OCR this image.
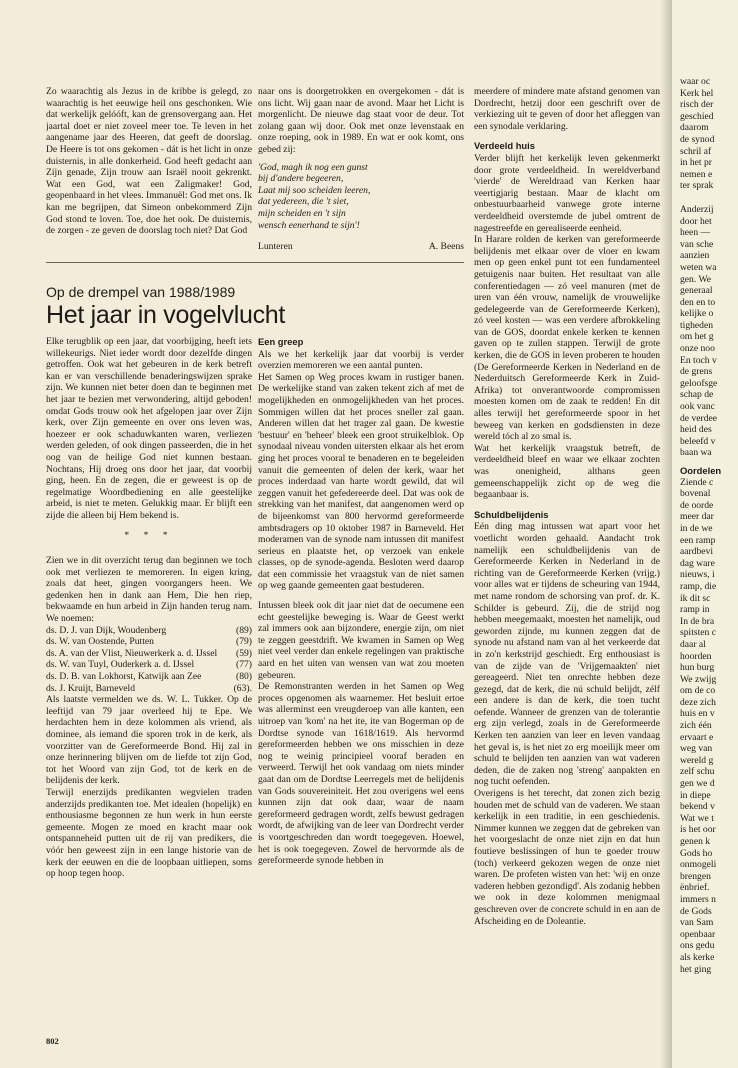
Zo waarachtig als Jezus in de kribbe is gelegd, zo waarachtig is het eeuwige heil ons geschonken. Wie dat werkelijk gelóóft, kan de grensovergang aan. Het jaartal doet er niet zoveel meer toe. Te leven in het aangename jaar des Heeren, dat geeft de doorslag. De Heere is tot ons gekomen - dát is het licht in onze duisternis, in alle donkerheid. God heeft gedacht aan Zijn genade, Zijn trouw aan Israël nooit gekrenkt. Wat een God, wat een Zaligmaker! God, geopenbaard in het vlees. Immanuël: God met ons. Ik kan me begrijpen, dat Simeon onbekommerd Zijn God stond te loven. Toe, doe het ook. De duisternis, de zorgen - ze geven de doorslag toch niet? Dat God

naar ons is doorgetrokken en overgekomen - dát is ons licht. Wij gaan naar de avond. Maar het Licht is morgenlicht. De nieuwe dag staat voor de deur. Tot zolang gaan wij door. Ook met onze levenstaak en onze roeping, ook in 1989. En wat er ook komt, ons gebed zij:

'God, magh ik nog een gunst
bij d'andere begeeren,
Laat mij soo scheiden leeren,
dat yedereen, die 't siet,
mijn scheiden en 't sijn
wensch eenerhand te sijn'!
Lunteren	A. Beens
Op de drempel van 1988/1989
Het jaar in vogelvlucht

Elke terugblik op een jaar, dat voorbijging, heeft iets willekeurigs. Niet ieder wordt door dezelfde dingen getroffen. Ook wat het gebeuren in de kerk betreft kan er van verschillende benaderingswijzen sprake zijn. We kunnen niet beter doen dan te beginnen met het jaar te bezien met verwondering, altijd geboden! omdat Gods trouw ook het afgelopen jaar over Zijn kerk, over Zijn gemeente en over ons leven was, hoezeer er ook schaduwkanten waren, verliezen werden geleden, of ook dingen passeerden, die in het oog van de heilige God niet kunnen bestaan. Nochtans, Hij droeg ons door het jaar, dat voorbij ging, heen. En de zegen, die er geweest is op de regelmatige Woordbediening en alle geestelijke arbeid, is niet te meten. Gelukkig maar. Er blijft een zijde die alleen bij Hem bekend is.

* * *

Zien we in dit overzicht terug dan beginnen we toch ook met verliezen te memoreren. In eigen kring, zoals dat heet, gingen voorgangers heen. We gedenken hen in dank aan Hem, Die hen riep, bekwaamde en hun arbeid in Zijn handen terug nam. We noemen:

ds. D. J. van Dijk, Woudenberg	(89)
ds. W. van Oostende, Putten	(79)
ds. A. van der Vlist, Nieuwerkerk a. d. IJssel (59)
ds. W. van Tuyl, Ouderkerk a. d. IJssel	(77)
ds. D. B. van Lokhorst, Katwijk aan Zee	(80)
ds. J. Kruijt, Barneveld	(63).

Als laatste vermelden we ds. W. L. Tukker. Op de leeftijd van 79 jaar overleed hij te Epe. We herdachten hem in deze kolommen als vriend, als dominee, als iemand die sporen trok in de kerk, als voorzitter van de Gereformeerde Bond. Hij zal in onze herinnering blijven om de liefde tot zijn God, tot het Woord van zijn God, tot de kerk en de belijdenis der kerk.

Terwijl enerzijds predikanten wegvielen traden anderzijds predikanten toe. Met idealen (hopelijk) en enthousiasme begonnen ze hun werk in hun eerste gemeente. Mogen ze moed en kracht maar ook ontspanneheid putten uit de rij van predikers, die vóór hen geweest zijn in een lange historie van de kerk der eeuwen en die de loopbaan uitliepen, soms op hoop tegen hoop.

Een greep

Als we het kerkelijk jaar dat voorbij is verder overzien memoreren we een aantal punten.

Het Samen op Weg proces kwam in rustiger banen. De werkelijke stand van zaken tekent zich af met de mogelijkheden en onmogelijkheden van het proces. Sommigen willen dat het proces sneller zal gaan. Anderen willen dat het trager zal gaan. De kwestie 'bestuur' en 'beheer' bleek een groot struikelblok. Op synodaal niveau vonden uitersten elkaar als het erom ging het proces vooral te benaderen en te begeleiden vanuit die gemeenten of delen der kerk, waar het proces inderdaad van harte wordt gewild, dat wil zeggen vanuit het gefedereerde deel. Dat was ook de strekking van het manifest, dat aangenomen werd op de bijeenkomst van 800 hervormd gereformeerde ambtsdragers op 10 oktober 1987 in Barneveld. Het moderamen van de synode nam intussen dit manifest serieus en plaatste het, op verzoek van enkele classes, op de synode-agenda. Besloten werd daarop dat een commissie het vraagstuk van de niet samen op weg gaande gemeenten gaat bestuderen.

Intussen bleek ook dit jaar niet dat de oecumene een echt geestelijke beweging is. Waar de Geest werkt zal immers ook aan bijzondere, energie zijn, om niet te zeggen geestdrift. We kwamen in Samen op Weg niet veel verder dan enkele regelingen van praktische aard en het uiten van wensen van wat zou moeten gebeuren.

De Remonstranten werden in het Samen op Weg proces opgenomen als waarnemer. Het besluit ertoe was allerminst een vreugderoep van alle kanten, een uitroep van 'kom' na het ite, ite van Bogerman op de Dordtse synode van 1618/1619. Als hervormd gereformeerden hebben we ons misschien in deze nog te weinig principieel vooraf beraden en verweerd. Terwijl het ook vandaag om niets minder gaat dan om de Dordtse Leerregels met de belijdenis van Gods souvereiniteit. Het zou overigens wel eens kunnen zijn dat ook daar, waar de naam gereformeerd gedragen wordt, zelfs bewust gedragen wordt, de afwijking van de leer van Dordrecht verder is voortgeschreden dan wordt toegegeven. Hoewel, het is ook toegegeven. Zowel de hervormde als de gereformeerde synode hebben in

meerdere of mindere mate afstand genomen van Dordrecht, hetzij door een geschrift over de verkiezing uit te geven of door het afleggen van een synodale verklaring.

Verdeeld huis

Verder blijft het kerkelijk leven gekenmerkt door grote verdeeldheid. In wereldverband 'vierde' de Wereldraad van Kerken haar veertigjarig bestaan. Maar de klacht om onbestuurbaarheid vanwege grote interne verdeeldheid overstemde de jubel omtrent de nagestreefde en gerealiseerde eenheid.

In Harare rolden de kerken van gereformeerde belijdenis met elkaar over de vloer en kwam men op geen enkel punt tot een fundamenteel getuigenis naar buiten. Het resultaat van alle conferentiedagen — zó veel manuren (met de uren van één vrouw, namelijk de vrouwelijke gedelegeerde van de Gereformeerde Kerken), zó veel kosten — was een verdere afbrokkeling van de GOS, doordat enkele kerken te kennen gaven op te zullen stappen. Terwijl de grote kerken, die de GOS in leven proberen te houden (De Gereformeerde Kerken in Nederland en de Nederduitsch Gereformeerde Kerk in Zuid-Afrika) tot onverantwoorde compromissen moesten komen om de zaak te redden! En dit alles terwijl het gereformeerde spoor in het beweeg van kerken en godsdiensten in deze wereld tóch al zo smal is.

Wat het kerkelijk vraagstuk betreft, de verdeeldheid bleef en waar we elkaar zochten was onenigheid, althans geen gemeenschappelijk zicht op de weg die begaanbaar is.

Schuldbelijdenis

Eén ding mag intussen wat apart voor het voetlicht worden gehaald. Aandacht trok namelijk een schuldbelijdenis van de Gereformeerde Kerken in Nederland in de richting van de Gereformeerde Kerken (vrijg.) voor alles wat er tijdens de scheuring van 1944, met name rondom de schorsing van prof. dr. K. Schilder is gebeurd. Zij, die de strijd nog hebben meegemaakt, moesten het namelijk, oud geworden zijnde, nu kunnen zeggen dat de synode nu afstand nam van al het verkeerde dat in zo'n kerkstrijd geschiedt. Erg enthousiast is van de zijde van de 'Vrijgemaakten' niet gereageerd. Niet ten onrechte hebben deze gezegd, dat de kerk, die nú schuld belijdt, zélf een andere is dan de kerk, die toen tucht oefende. Wanneer de grenzen van de tolerantie erg zijn verlegd, zoals in de Gereformeerde Kerken ten aanzien van leer en leven vandaag het geval is, is het niet zo erg moeilijk meer om schuld te belijden ten aanzien van wat vaderen deden, die de zaken nog 'streng' aanpakten en nog tucht oefenden.

Overigens is het terecht, dat zonen zich bezig houden met de schuld van de vaderen. We staan kerkelijk in een traditie, in een geschiedenis. Nimmer kunnen we zeggen dat de gebreken van het voorgeslacht de onze niet zijn en dat hun foutieve beslissingen of hun te goeder trouw (toch) verkeerd gekozen wegen de onze niet waren. De profeten wisten van het: 'wij en onze vaderen hebben gezondigd'. Als zodanig hebben we ook in deze kolommen menigmaal geschreven over de concrete schuld in en aan de Afscheiding en de Doleantie.

802
waar oc
Kerk hel
risch der
geschied
daarom
de synod
schril af
in het pr
nemen e
ter sprak
Anderzij
door het
heen —
van sche
aanzien
weten wa
gen. We
generaal
den en to
kelijke o
tigheden
om het g
onze noo
En toch v
de grens
geloofsge
schap de
ook vanc
de verdee
heid des
beleefd v
baan wa
Oordelen
Ziende c
bovenal
de oorde
meer dar
in de we
een ramp
aardbevi
dag ware
nieuws, i
ramp, die
ik dit sc
ramp in
In de bra
spitsten c
daar al
hoorden
hun burg
We zwijg
om de co
deze zich
huis en v
zich één
ervaart e
weg van
wereld g
zelf schu
gen we d
in diepe
bekend v
Wat we t
is het oor
genen k
Gods ho
onmogeli
brengen
ënbrief.
immers n
de Gods
van Sam
openbaar
ons gedu
als kerke
het ging
